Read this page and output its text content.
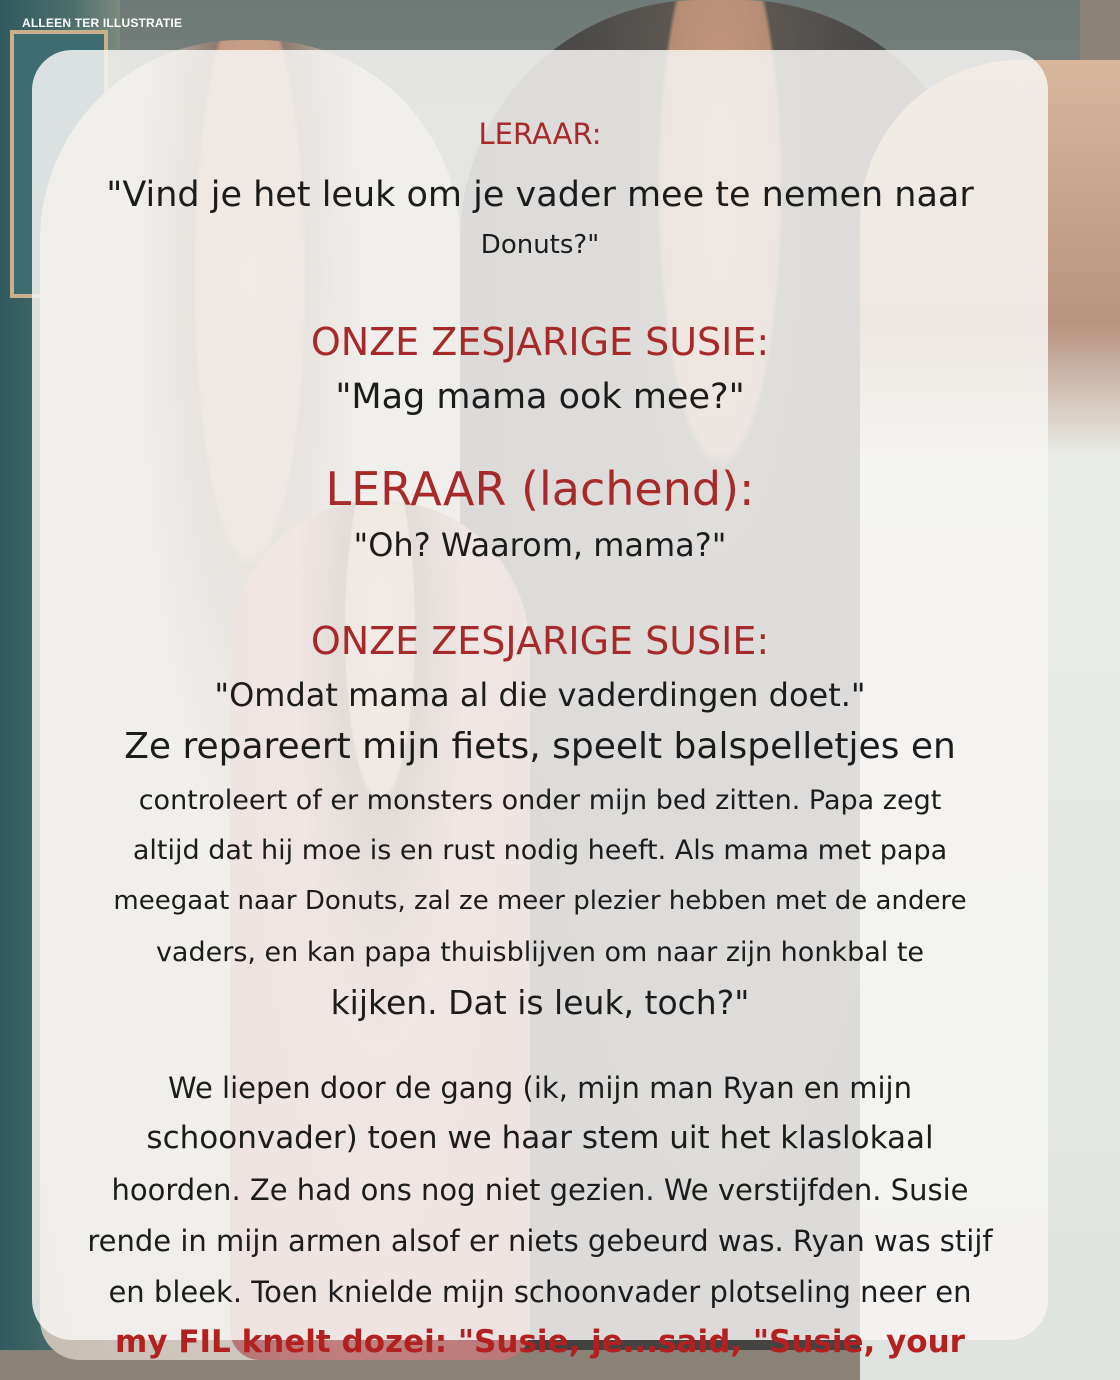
ALLEEN TER ILLUSTRATIE

LERAAR:

"Vind je het leuk om je vader mee te nemen naar

Donuts?"

ONZE ZESJARIGE SUSIE:

"Mag mama ook mee?"

LERAAR (lachend):

"Oh? Waarom, mama?"

ONZE ZESJARIGE SUSIE:

"Omdat mama al die vaderdingen doet."

Ze repareert mijn fiets, speelt balspelletjes en

controleert of er monsters onder mijn bed zitten. Papa zegt

altijd dat hij moe is en rust nodig heeft. Als mama met papa

meegaat naar Donuts, zal ze meer plezier hebben met de andere

vaders, en kan papa thuisblijven om naar zijn honkbal te

kijken. Dat is leuk, toch?"

We liepen door de gang (ik, mijn man Ryan en mijn

schoonvader) toen we haar stem uit het klaslokaal

hoorden. Ze had ons nog niet gezien. We verstijfden. Susie

rende in mijn armen alsof er niets gebeurd was. Ryan was stijf

en bleek. Toen knielde mijn schoonvader plotseling neer en

my FIL knelt dozei: "Susie, je...said, "Susie, your
